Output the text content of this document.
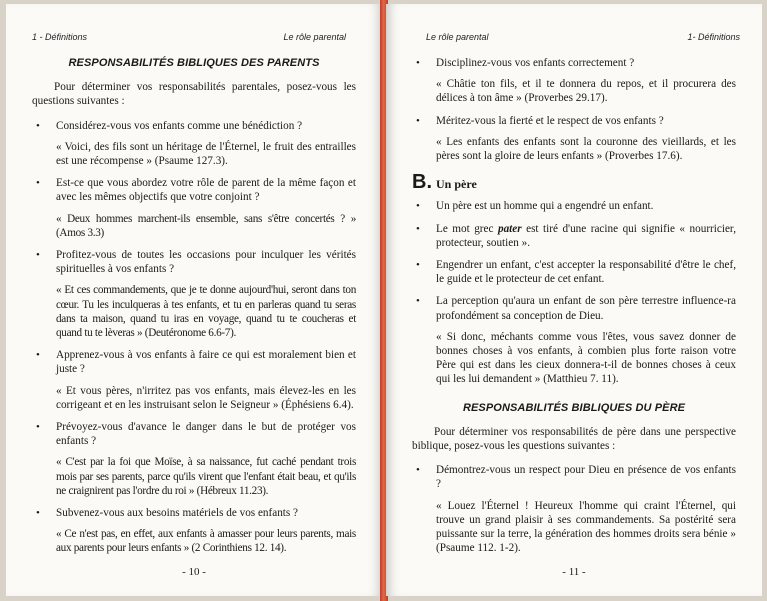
1 - Définitions	Le rôle parental
RESPONSABILITÉS BIBLIQUES DES PARENTS
Pour déterminer vos responsabilités parentales, posez-vous les questions suivantes :
• Considérez-vous vos enfants comme une bénédiction ?
« Voici, des fils sont un héritage de l'Éternel, le fruit des entrailles est une récompense » (Psaume 127.3).
• Est-ce que vous abordez votre rôle de parent de la même façon et avec les mêmes objectifs que votre conjoint ?
« Deux hommes marchent-ils ensemble, sans s'être concertés ? » (Amos 3.3)
• Profitez-vous de toutes les occasions pour inculquer les vérités spirituelles à vos enfants ?
« Et ces commandements, que je te donne aujourd'hui, seront dans ton cœur. Tu les inculqueras à tes enfants, et tu en parleras quand tu seras dans ta maison, quand tu iras en voyage, quand tu te coucheras et quand tu te lèveras » (Deutéronome 6.6-7).
• Apprenez-vous à vos enfants à faire ce qui est moralement bien et juste ?
« Et vous pères, n'irritez pas vos enfants, mais élevez-les en les corrigeant et en les instruisant selon le Seigneur » (Éphésiens 6.4).
• Prévoyez-vous d'avance le danger dans le but de protéger vos enfants ?
« C'est par la foi que Moïse, à sa naissance, fut caché pendant trois mois par ses parents, parce qu'ils virent que l'enfant était beau, et qu'ils ne craignirent pas l'ordre du roi » (Hébreux 11.23).
• Subvenez-vous aux besoins matériels de vos enfants ?
« Ce n'est pas, en effet, aux enfants à amasser pour leurs parents, mais aux parents pour leurs enfants » (2 Corinthiens 12. 14).
- 10 -
Le rôle parental	1- Définitions
• Disciplinez-vous vos enfants correctement ?
« Châtie ton fils, et il te donnera du repos, et il procurera des délices à ton âme » (Proverbes 29.17).
• Méritez-vous la fierté et le respect de vos enfants ?
« Les enfants des enfants sont la couronne des vieillards, et les pères sont la gloire de leurs enfants » (Proverbes 17.6).
B. Un père
• Un père est un homme qui a engendré un enfant.
• Le mot grec pater est tiré d'une racine qui signifie « nourricier, protecteur, soutien ».
• Engendrer un enfant, c'est accepter la responsabilité d'être le chef, le guide et le protecteur de cet enfant.
• La perception qu'aura un enfant de son père terrestre influence-ra profondément sa conception de Dieu.
« Si donc, méchants comme vous l'êtes, vous savez donner de bonnes choses à vos enfants, à combien plus forte raison votre Père qui est dans les cieux donnera-t-il de bonnes choses à ceux qui les lui demandent » (Matthieu 7. 11).
RESPONSABILITÉS BIBLIQUES DU PÈRE
Pour déterminer vos responsabilités de père dans une perspective biblique, posez-vous les questions suivantes :
• Démontrez-vous un respect pour Dieu en présence de vos enfants ?
« Louez l'Éternel ! Heureux l'homme qui craint l'Éternel, qui trouve un grand plaisir à ses commandements. Sa postérité sera puissante sur la terre, la génération des hommes droits sera bénie » (Psaume 112. 1-2).
- 11 -
